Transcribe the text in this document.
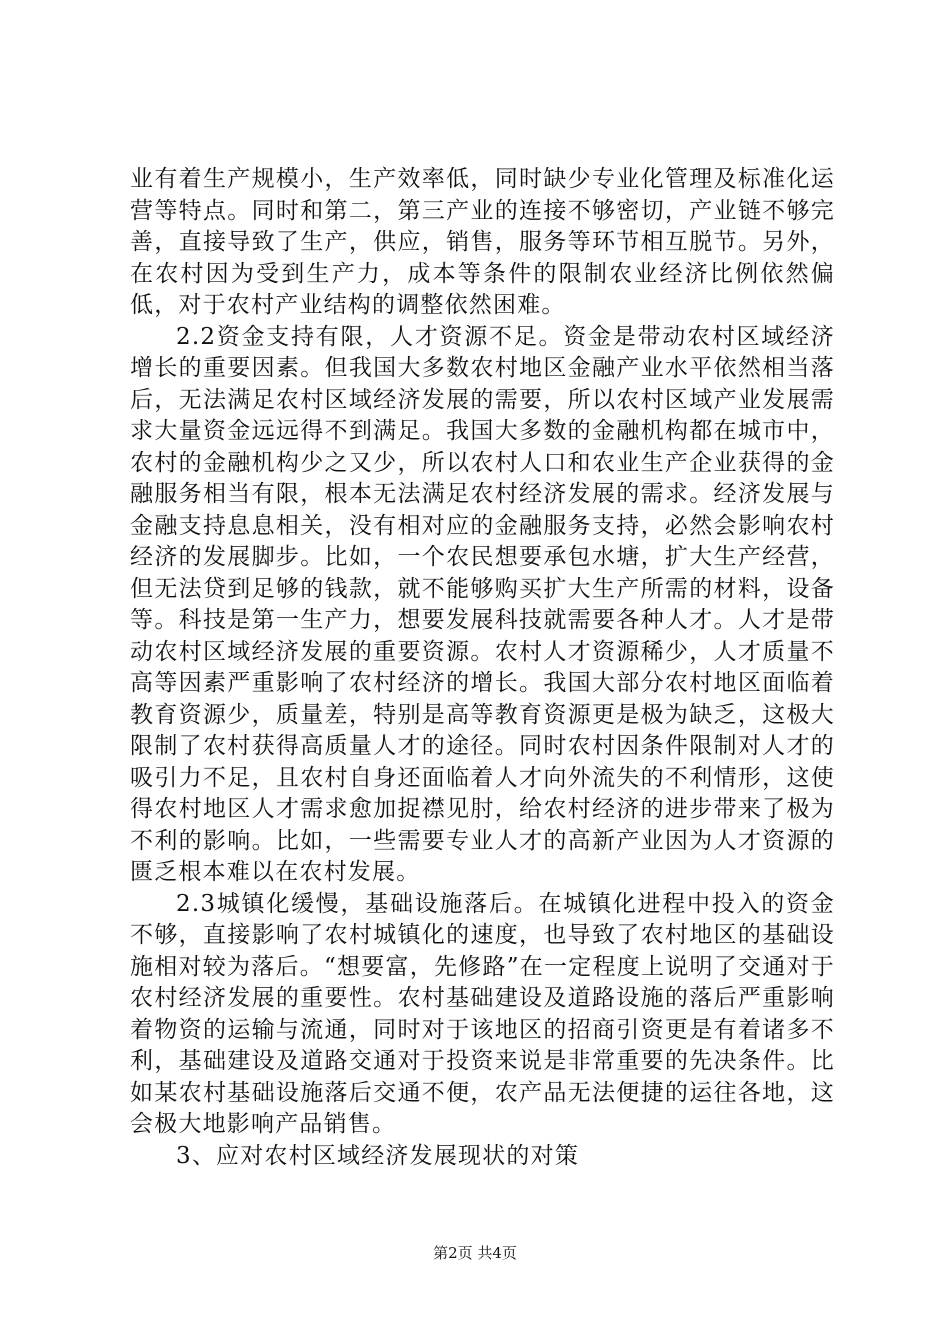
业有着生产规模小，生产效率低，同时缺少专业化管理及标准化运营等特点。同时和第二，第三产业的连接不够密切，产业链不够完善，直接导致了生产，供应，销售，服务等环节相互脱节。另外，在农村因为受到生产力，成本等条件的限制农业经济比例依然偏低，对于农村产业结构的调整依然困难。

2.2资金支持有限，人才资源不足。资金是带动农村区域经济增长的重要因素。但我国大多数农村地区金融产业水平依然相当落后，无法满足农村区域经济发展的需要，所以农村区域产业发展需求大量资金远远得不到满足。我国大多数的金融机构都在城市中，农村的金融机构少之又少，所以农村人口和农业生产企业获得的金融服务相当有限，根本无法满足农村经济发展的需求。经济发展与金融支持息息相关，没有相对应的金融服务支持，必然会影响农村经济的发展脚步。比如，一个农民想要承包水塘，扩大生产经营，但无法贷到足够的钱款，就不能够购买扩大生产所需的材料，设备等。科技是第一生产力，想要发展科技就需要各种人才。人才是带动农村区域经济发展的重要资源。农村人才资源稀少，人才质量不高等因素严重影响了农村经济的增长。我国大部分农村地区面临着教育资源少，质量差，特别是高等教育资源更是极为缺乏，这极大限制了农村获得高质量人才的途径。同时农村因条件限制对人才的吸引力不足，且农村自身还面临着人才向外流失的不利情形，这使得农村地区人才需求愈加捉襟见肘，给农村经济的进步带来了极为不利的影响。比如，一些需要专业人才的高新产业因为人才资源的匮乏根本难以在农村发展。

2.3城镇化缓慢，基础设施落后。在城镇化进程中投入的资金不够，直接影响了农村城镇化的速度，也导致了农村地区的基础设施相对较为落后。“想要富，先修路”在一定程度上说明了交通对于农村经济发展的重要性。农村基础建设及道路设施的落后严重影响着物资的运输与流通，同时对于该地区的招商引资更是有着诸多不利，基础建设及道路交通对于投资来说是非常重要的先决条件。比如某农村基础设施落后交通不便，农产品无法便捷的运往各地，这会极大地影响产品销售。

3、应对农村区域经济发展现状的对策

第2页 共4页
